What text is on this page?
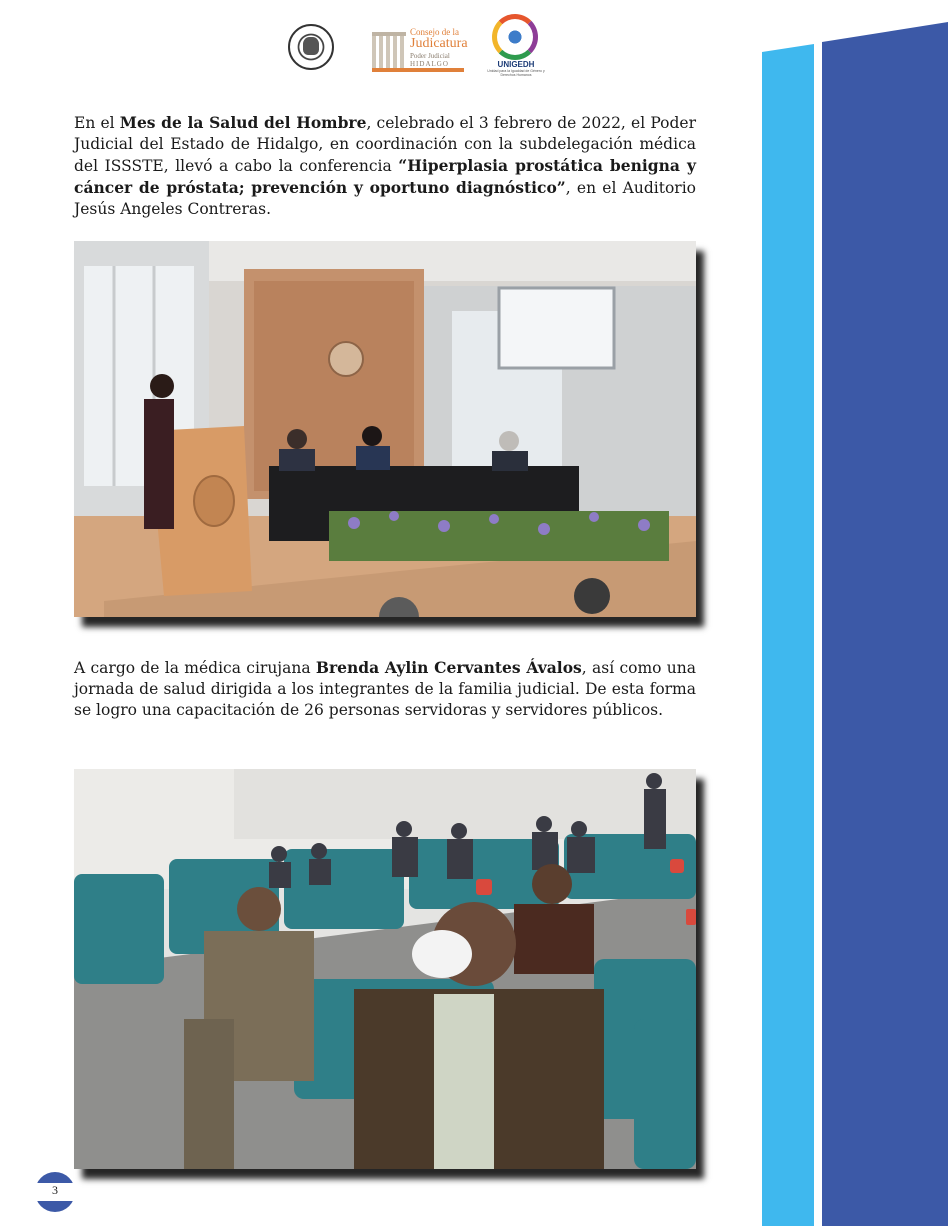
Consejo de la
Judicatura
Poder Judicial
HIDALGO	UNIGEDH
Unidad para la Igualdad de Género y Derechos Humanos

En el Mes de la Salud del Hombre, celebrado el 3 febrero de 2022, el Poder Judicial del Estado de Hidalgo, en coordinación con la subdelegación médica del ISSSTE, llevó a cabo la conferencia “Hiperplasia prostática benigna y cáncer de próstata; prevención y oportuno diagnóstico”, en el Auditorio Jesús Angeles Contreras.

A cargo de la médica cirujana Brenda Aylin Cervantes Ávalos, así como una jornada de salud dirigida a los integrantes de la familia judicial. De esta forma se logro una capacitación de 26 personas servidoras y servidores públicos.

3
